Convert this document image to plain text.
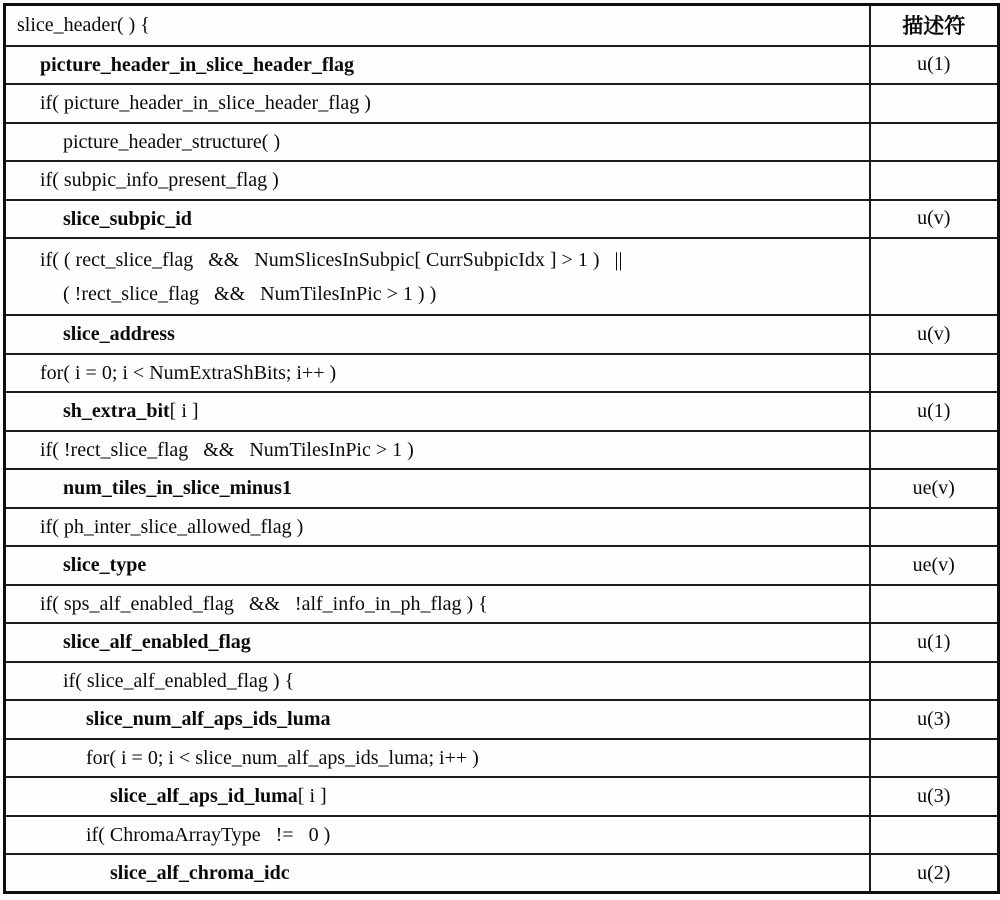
slice_header( ) {	描述符

picture_header_in_slice_header_flag	u(1)

if( picture_header_in_slice_header_flag )	

picture_header_structure( )	

if( subpic_info_present_flag )	

slice_subpic_id	u(v)

if( ( rect_slice_flag   &&   NumSlicesInSubpic[ CurrSubpicIdx ] > 1 )   ||
( !rect_slice_flag   &&   NumTilesInPic > 1 ) )	

slice_address	u(v)

for( i = 0; i < NumExtraShBits; i++ )	

sh_extra_bit[ i ]	u(1)

if( !rect_slice_flag   &&   NumTilesInPic > 1 )	

num_tiles_in_slice_minus1	ue(v)

if( ph_inter_slice_allowed_flag )	

slice_type	ue(v)

if( sps_alf_enabled_flag   &&   !alf_info_in_ph_flag ) {	

slice_alf_enabled_flag	u(1)

if( slice_alf_enabled_flag ) {	

slice_num_alf_aps_ids_luma	u(3)

for( i = 0; i < slice_num_alf_aps_ids_luma; i++ )	

slice_alf_aps_id_luma[ i ]	u(3)

if( ChromaArrayType   !=   0 )	

slice_alf_chroma_idc	u(2)
